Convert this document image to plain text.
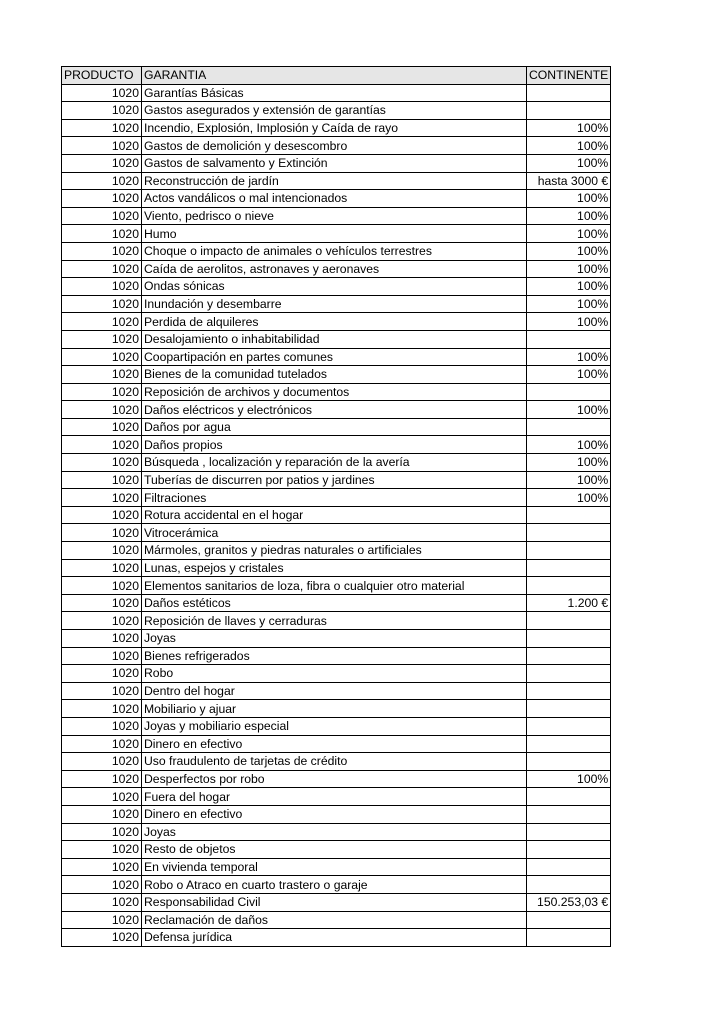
PRODUCTO	GARANTIA	CONTINENTE
1020	Garantías Básicas	
1020	Gastos asegurados y extensión de garantías	
1020	Incendio, Explosión, Implosión y Caída de rayo	100%
1020	Gastos de demolición y desescombro	100%
1020	Gastos de salvamento y Extinción	100%
1020	Reconstrucción de jardín	hasta 3000 €
1020	Actos vandálicos o mal intencionados	100%
1020	Viento, pedrisco o nieve	100%
1020	Humo	100%
1020	Choque o impacto de animales o vehículos terrestres	100%
1020	Caída de aerolitos, astronaves y aeronaves	100%
1020	Ondas sónicas	100%
1020	Inundación y desembarre	100%
1020	Perdida de alquileres	100%
1020	Desalojamiento o inhabitabilidad	
1020	Coopartipación en partes comunes	100%
1020	Bienes de la comunidad tutelados	100%
1020	Reposición de archivos y documentos	
1020	Daños eléctricos y electrónicos	100%
1020	Daños por agua	
1020	Daños propios	100%
1020	Búsqueda , localización y reparación de la avería	100%
1020	Tuberías de discurren por patios y jardines	100%
1020	Filtraciones	100%
1020	Rotura accidental en el hogar	
1020	Vitrocerámica	
1020	Mármoles, granitos y piedras naturales o artificiales	
1020	Lunas, espejos y cristales	
1020	Elementos sanitarios de loza, fibra o cualquier otro material	
1020	Daños estéticos	1.200 €
1020	Reposición de llaves y cerraduras	
1020	Joyas	
1020	Bienes refrigerados	
1020	Robo	
1020	Dentro del hogar	
1020	Mobiliario y ajuar	
1020	Joyas y mobiliario especial	
1020	Dinero en efectivo	
1020	Uso fraudulento de tarjetas de crédito	
1020	Desperfectos por robo	100%
1020	Fuera del hogar	
1020	Dinero en efectivo	
1020	Joyas	
1020	Resto de objetos	
1020	En vivienda temporal	
1020	Robo o Atraco en cuarto trastero o garaje	
1020	Responsabilidad Civil	150.253,03 €
1020	Reclamación de daños	
1020	Defensa jurídica	
